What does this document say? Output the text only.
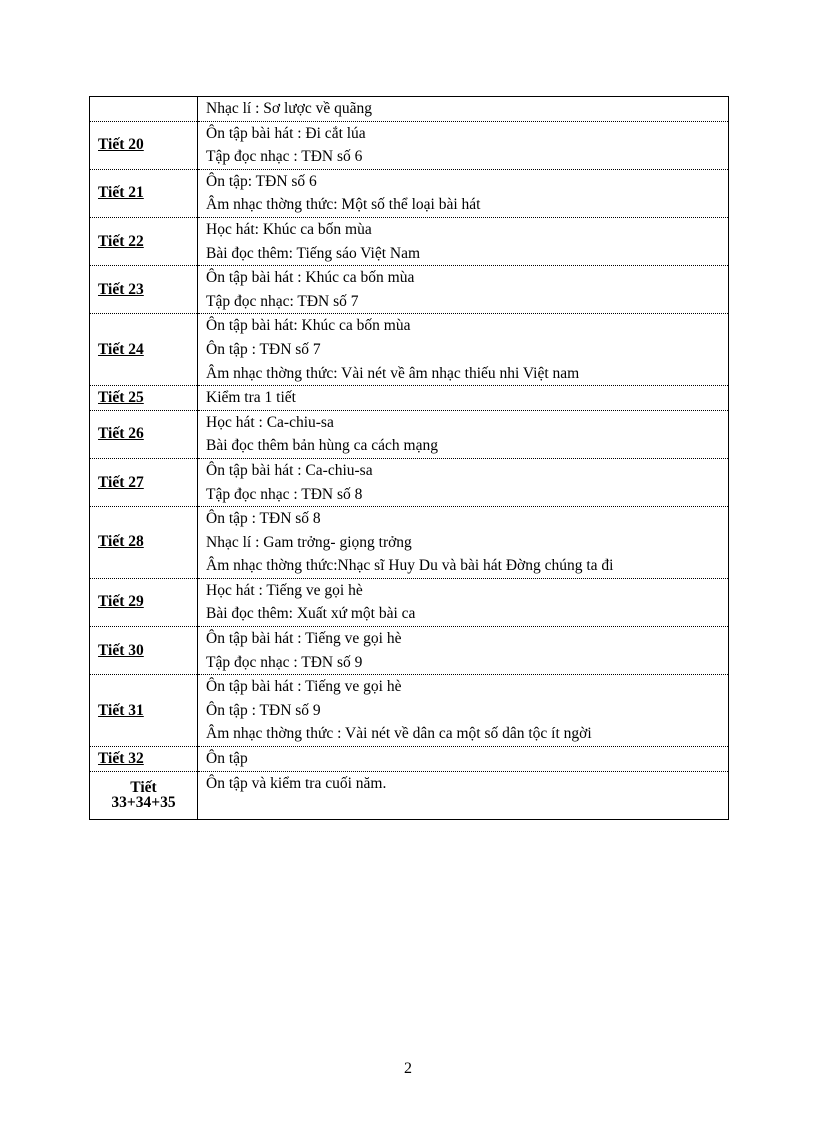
	Nhạc lí : Sơ lược về quãng

Tiết 20	Ôn tập bài hát : Đi cắt lúa
Tập đọc nhạc : TĐN số 6

Tiết 21	Ôn tập: TĐN số 6
Âm nhạc thờng thức: Một số thể loại bài hát

Tiết 22	Học hát: Khúc ca bốn mùa
Bài đọc thêm: Tiếng sáo Việt Nam

Tiết 23	Ôn tập bài hát : Khúc ca bốn mùa
Tập đọc nhạc: TĐN số 7

Tiết 24	Ôn tập bài hát: Khúc ca bốn mùa
Ôn tập : TĐN số 7
Âm nhạc thờng thức: Vài nét về âm nhạc thiếu nhi Việt nam

Tiết 25	Kiểm tra 1 tiết

Tiết 26	Học hát : Ca-chiu-sa
Bài đọc thêm bản hùng ca cách mạng

Tiết 27	Ôn tập bài hát : Ca-chiu-sa
Tập đọc nhạc : TĐN số 8

Tiết 28	Ôn tập : TĐN số 8
Nhạc lí : Gam trởng- giọng trởng
Âm nhạc thờng thức:Nhạc sĩ Huy Du và bài hát Đờng chúng ta đi

Tiết 29	Học hát : Tiếng ve gọi hè
Bài đọc thêm: Xuất xứ một bài ca

Tiết 30	Ôn tập bài hát : Tiếng ve gọi hè
Tập đọc nhạc : TĐN số 9

Tiết 31	Ôn tập bài hát : Tiếng ve gọi hè
Ôn tập : TĐN số 9
Âm nhạc thờng thức : Vài nét về dân ca một số dân tộc ít ngời

Tiết 32	Ôn tập

Tiết
33+34+35	Ôn tập và kiểm tra cuối năm.
2
